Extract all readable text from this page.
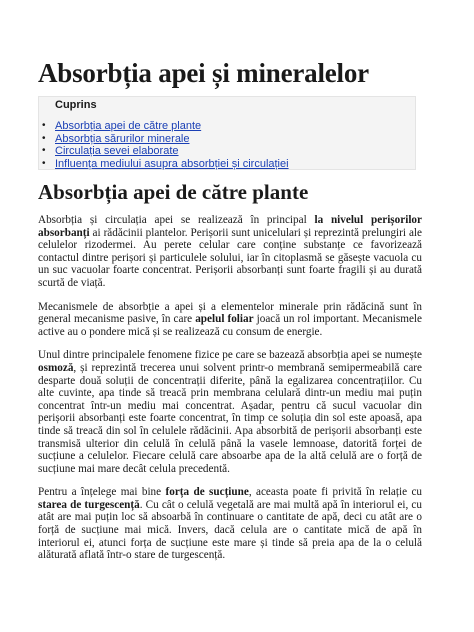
Absorbția apei și mineralelor
Cuprins
• Absorbția apei de către plante
• Absorbția sărurilor minerale
• Circulația sevei elaborate
• Influența mediului asupra absorbției și circulației
Absorbția apei de către plante

Absorbția și circulația apei se realizează în principal la nivelul perișorilor absorbanți ai rădăcinii plantelor. Perișorii sunt unicelulari și reprezintă prelungiri ale celulelor rizodermei. Au perete celular care conține substanțe ce favorizează contactul dintre perișori și particulele solului, iar în citoplasmă se găsește vacuola cu un suc vacuolar foarte concentrat. Perișorii absorbanți sunt foarte fragili și au durată scurtă de viață.

Mecanismele de absorbție a apei și a elementelor minerale prin rădăcină sunt în general mecanisme pasive, în care apelul foliar joacă un rol important. Mecanismele active au o pondere mică și se realizează cu consum de energie.

Unul dintre principalele fenomene fizice pe care se bazează absorbția apei se numește osmoză, și reprezintă trecerea unui solvent printr-o membrană semipermeabilă care desparte două soluții de concentrații diferite, până la egalizarea concentrațiilor. Cu alte cuvinte, apa tinde să treacă prin membrana celulară dintr-un mediu mai puțin concentrat într-un mediu mai concentrat. Așadar, pentru că sucul vacuolar din perișorii absorbanți este foarte concentrat, în timp ce soluția din sol este apoasă, apa tinde să treacă din sol în celulele rădăcinii. Apa absorbită de perișorii absorbanți este transmisă ulterior din celulă în celulă până la vasele lemnoase, datorită forței de sucțiune a celulelor. Fiecare celulă care absoarbe apa de la altă celulă are o forță de sucțiune mai mare decât celula precedentă.

Pentru a înțelege mai bine forța de sucțiune, aceasta poate fi privită în relație cu starea de turgescență. Cu cât o celulă vegetală are mai multă apă în interiorul ei, cu atât are mai puțin loc să absoarbă în continuare o cantitate de apă, deci cu atât are o forță de sucțiune mai mică. Invers, dacă celula are o cantitate mică de apă în interiorul ei, atunci forța de sucțiune este mare și tinde să preia apa de la o celulă alăturată aflată într-o stare de turgescență.
